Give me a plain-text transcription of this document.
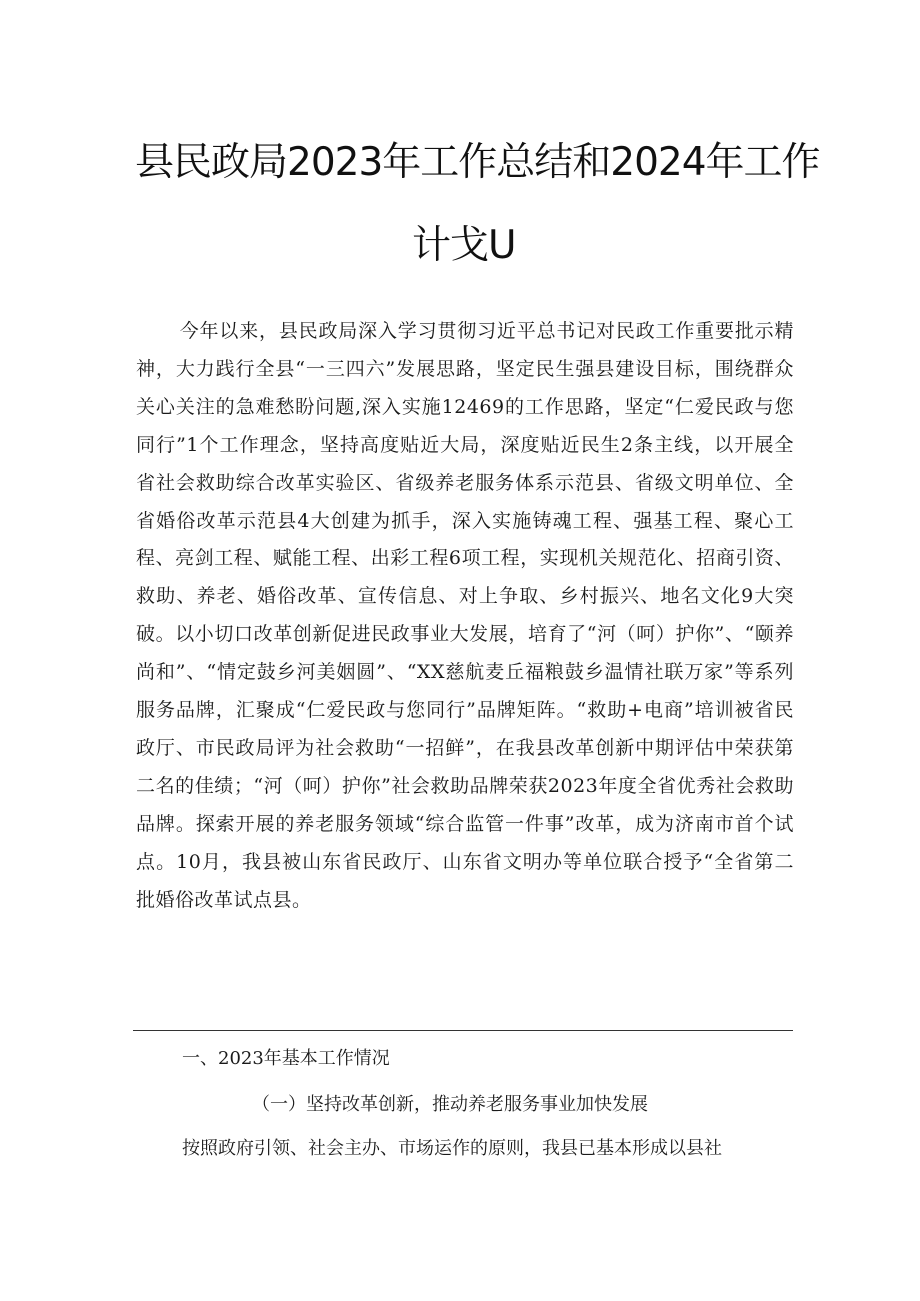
县民政局2023年工作总结和2024年工作
计戈U

今年以来，县民政局深入学习贯彻习近平总书记对民政工作重要批示精神，大力践行全县“一三四六”发展思路，坚定民生强县建设目标，围绕群众关心关注的急难愁盼问题,深入实施12469的工作思路，坚定“仁爱民政与您同行”1个工作理念，坚持高度贴近大局，深度贴近民生2条主线，以开展全省社会救助综合改革实验区、省级养老服务体系示范县、省级文明单位、全省婚俗改革示范县4大创建为抓手，深入实施铸魂工程、强基工程、聚心工程、亮剑工程、赋能工程、出彩工程6项工程，实现机关规范化、招商引资、救助、养老、婚俗改革、宣传信息、对上争取、乡村振兴、地名文化9大突破。以小切口改革创新促进民政事业大发展，培育了“河（呵）护你”、“颐养尚和”、“情定鼓乡河美姻圆”、“XX慈航麦丘福粮鼓乡温情社联万家”等系列服务品牌，汇聚成“仁爱民政与您同行”品牌矩阵。“救助+电商”培训被省民政厅、市民政局评为社会救助“一招鲜”，在我县改革创新中期评估中荣获第二名的佳绩；“河（呵）护你”社会救助品牌荣获2023年度全省优秀社会救助品牌。探索开展的养老服务领域“综合监管一件事”改革，成为济南市首个试点。10月，我县被山东省民政厅、山东省文明办等单位联合授予“全省第二批婚俗改革试点县。

一、2023年基本工作情况
（一）坚持改革创新，推动养老服务事业加快发展
按照政府引领、社会主办、市场运作的原则，我县已基本形成以县社
